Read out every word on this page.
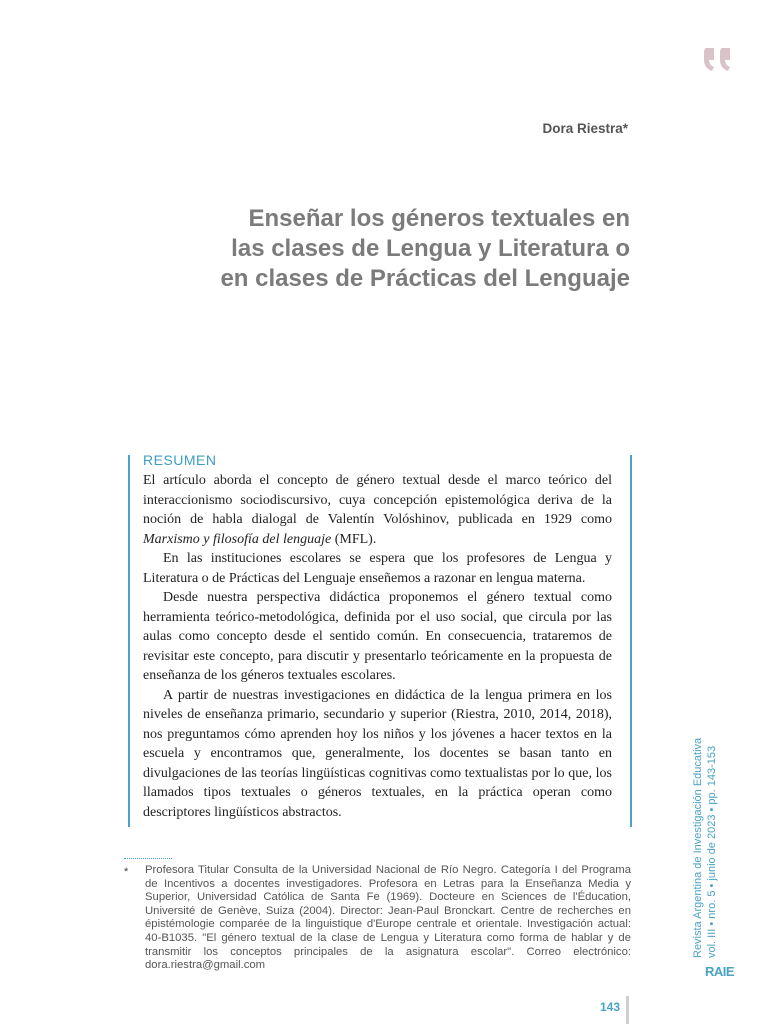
Dora Riestra*
Enseñar los géneros textuales en
las clases de Lengua y Literatura o
en clases de Prácticas del Lenguaje
RESUMEN

El artículo aborda el concepto de género textual desde el marco teórico del interaccionismo sociodiscursivo, cuya concepción epistemológica deriva de la noción de habla dialogal de Valentín Volóshinov, publicada en 1929 como Marxismo y filosofía del lenguaje (MFL).

En las instituciones escolares se espera que los profesores de Lengua y Literatura o de Prácticas del Lenguaje enseñemos a razonar en lengua materna.

Desde nuestra perspectiva didáctica proponemos el género textual como herramienta teórico-metodológica, definida por el uso social, que circula por las aulas como concepto desde el sentido común. En consecuencia, trataremos de revisitar este concepto, para discutir y presentarlo teóricamente en la propuesta de enseñanza de los géneros textuales escolares.

A partir de nuestras investigaciones en didáctica de la lengua primera en los niveles de enseñanza primario, secundario y superior (Riestra, 2010, 2014, 2018), nos preguntamos cómo aprenden hoy los niños y los jóvenes a hacer textos en la escuela y encontramos que, generalmente, los docentes se basan tanto en divulgaciones de las teorías lingüísticas cognitivas como textualistas por lo que, los llamados tipos textuales o géneros textuales, en la práctica operan como descriptores lingüísticos abstractos.

* Profesora Titular Consulta de la Universidad Nacional de Río Negro. Categoría I del Programa de Incentivos a docentes investigadores. Profesora en Letras para la Enseñanza Media y Superior, Universidad Católica de Santa Fe (1969). Docteure en Sciences de l'Éducation, Université de Genève, Suiza (2004). Director: Jean-Paul Bronckart. Centre de recherches en épistémologie comparée de la linguistique d'Europe centrale et orientale. Investigación actual: 40-B1035. "El género textual de la clase de Lengua y Literatura como forma de hablar y de transmitir los conceptos principales de la asignatura escolar". Correo electrónico: dora.riestra@gmail.com

Revista Argentina de Investigación Educativa vol. III • nro. 5 • junio de 2023 • pp. 143-153
RAIE
143
